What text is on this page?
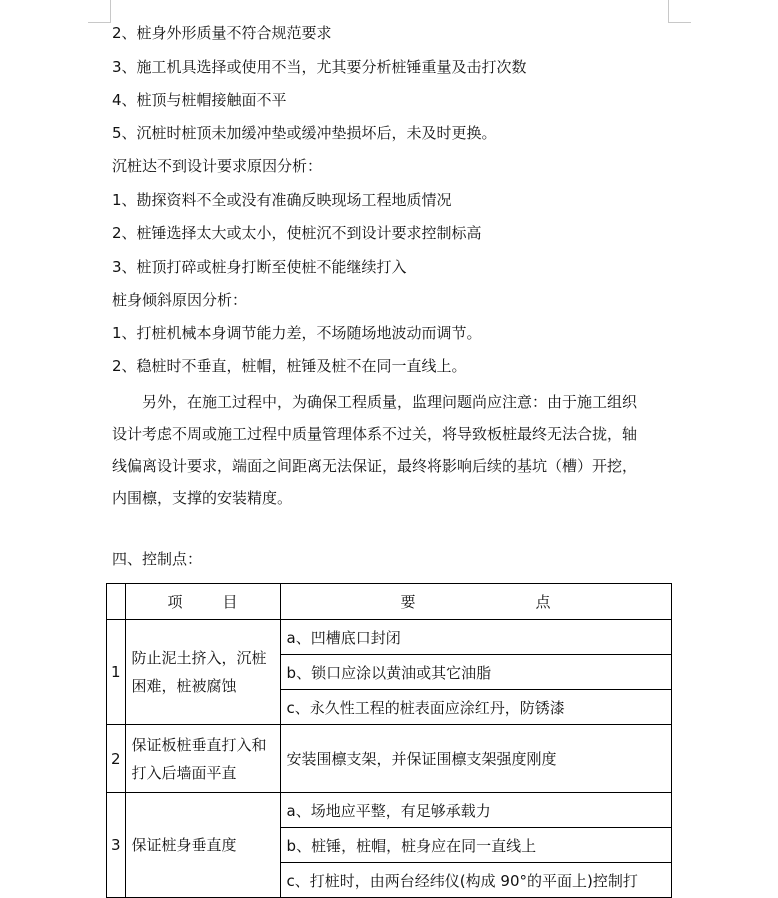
2、桩身外形质量不符合规范要求
3、施工机具选择或使用不当，尤其要分析桩锤重量及击打次数
4、桩顶与桩帽接触面不平
5、沉桩时桩顶未加缓冲垫或缓冲垫损坏后，未及时更换。
沉桩达不到设计要求原因分析：
1、勘探资料不全或没有准确反映现场工程地质情况
2、桩锤选择太大或太小，使桩沉不到设计要求控制标高
3、桩顶打碎或桩身打断至使桩不能继续打入
桩身倾斜原因分析：
1、打桩机械本身调节能力差，不场随场地波动而调节。
2、稳桩时不垂直，桩帽，桩锤及桩不在同一直线上。

另外，在施工过程中，为确保工程质量，监理问题尚应注意：由于施工组织

设计考虑不周或施工过程中质量管理体系不过关，将导致板桩最终无法合拢，轴

线偏离设计要求，端面之间距离无法保证，最终将影响后续的基坑（槽）开挖，

内围檩，支撑的安装精度。

四、控制点：
	项 目	要 点
1	防止泥土挤入，沉桩困难，桩被腐蚀	a、凹槽底口封闭
		b、锁口应涂以黄油或其它油脂
		c、永久性工程的桩表面应涂红丹，防锈漆
2	保证板桩垂直打入和打入后墙面平直	安装围檩支架，并保证围檩支架强度刚度
3	保证桩身垂直度	a、场地应平整，有足够承载力
		b、桩锤，桩帽，桩身应在同一直线上
		c、打桩时，由两台经纬仪(构成 90°的平面上)控制打
